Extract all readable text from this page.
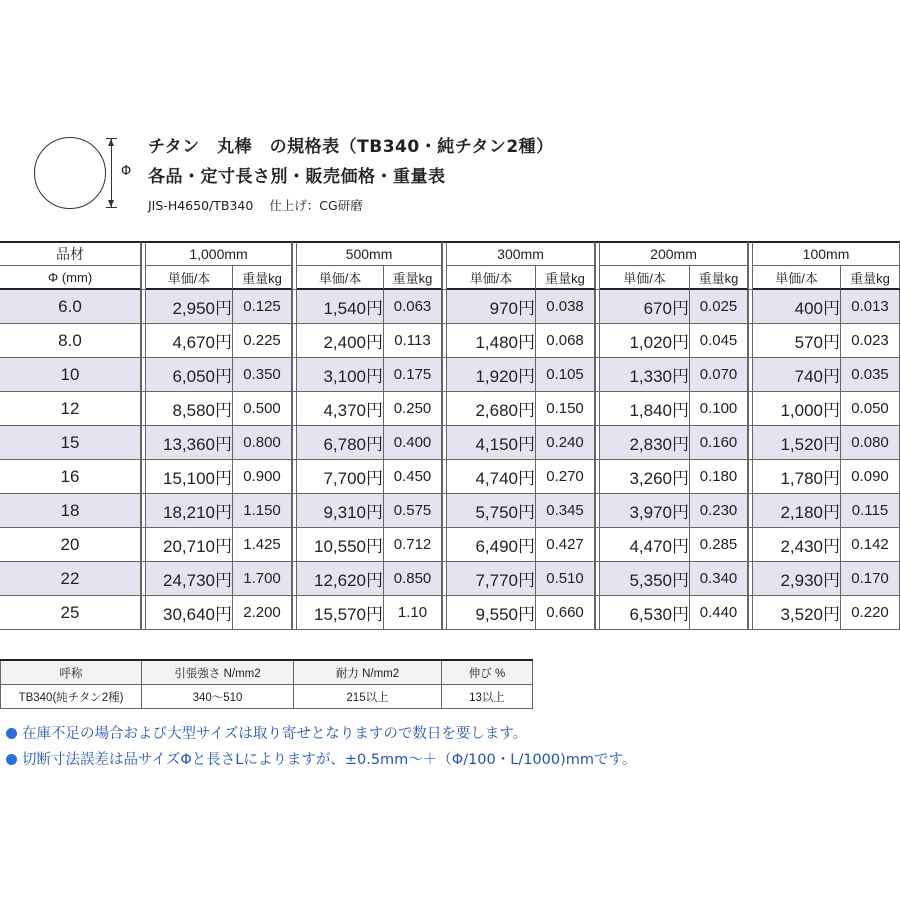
Φ
チタン　丸棒　の規格表（TB340・純チタン2種）
各品・定寸長さ別・販売価格・重量表
JIS-H4650/TB340 仕上げ：CG研磨
品材		1,000mm			500mm			300mm			200mm			100mm	
Φ (mm)		単価/本	重量kg		単価/本	重量kg		単価/本	重量kg		単価/本	重量kg		単価/本	重量kg
6.0		2,950円	0.125		1,540円	0.063		970円	0.038		670円	0.025		400円	0.013
8.0		4,670円	0.225		2,400円	0.113		1,480円	0.068		1,020円	0.045		570円	0.023
10		6,050円	0.350		3,100円	0.175		1,920円	0.105		1,330円	0.070		740円	0.035
12		8,580円	0.500		4,370円	0.250		2,680円	0.150		1,840円	0.100		1,000円	0.050
15		13,360円	0.800		6,780円	0.400		4,150円	0.240		2,830円	0.160		1,520円	0.080
16		15,100円	0.900		7,700円	0.450		4,740円	0.270		3,260円	0.180		1,780円	0.090
18		18,210円	1.150		9,310円	0.575		5,750円	0.345		3,970円	0.230		2,180円	0.115
20		20,710円	1.425		10,550円	0.712		6,490円	0.427		4,470円	0.285		2,430円	0.142
22		24,730円	1.700		12,620円	0.850		7,770円	0.510		5,350円	0.340		2,930円	0.170
25		30,640円	2.200		15,570円	1.10		9,550円	0.660		6,530円	0.440		3,520円	0.220
呼称	引張強さ N/mm2	耐力 N/mm2	伸び %
TB340(純チタン2種)	340〜510	215以上	13以上
在庫不足の場合および大型サイズは取り寄せとなりますので数日を要します。
切断寸法誤差は品サイズΦと長さLによりますが、±0.5mm〜＋（Φ/100・L/1000)mmです。
